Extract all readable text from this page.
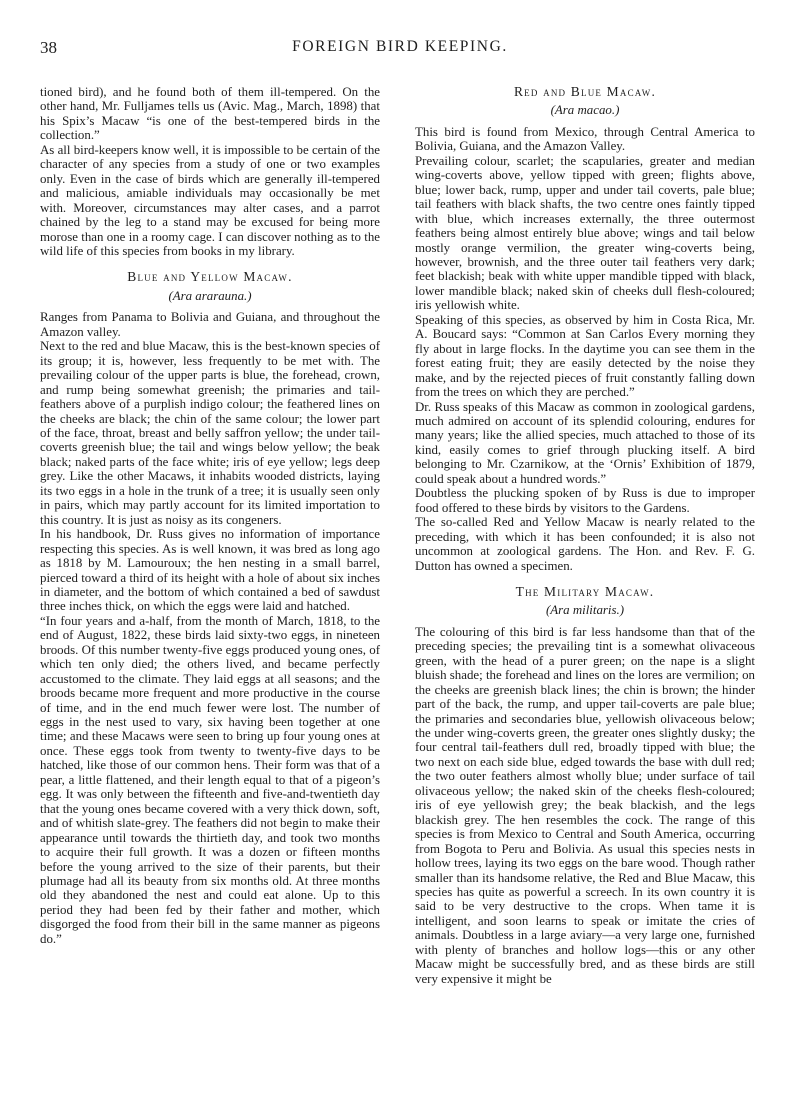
38	FOREIGN BIRD KEEPING.

tioned bird), and he found both of them ill-tempered. On the other hand, Mr. Fulljames tells us (Avic. Mag., March, 1898) that his Spix’s Macaw “is one of the best-tempered birds in the collection.”

As all bird-keepers know well, it is impossible to be certain of the character of any species from a study of one or two examples only. Even in the case of birds which are generally ill-tempered and malicious, amiable individuals may occasionally be met with. Moreover, circumstances may alter cases, and a parrot chained by the leg to a stand may be excused for being more morose than one in a roomy cage. I can discover nothing as to the wild life of this species from books in my library.

Blue and Yellow Macaw.
(Ara ararauna.)

Ranges from Panama to Bolivia and Guiana, and throughout the Amazon valley.

Next to the red and blue Macaw, this is the best-known species of its group; it is, however, less frequently to be met with. The prevailing colour of the upper parts is blue, the forehead, crown, and rump being somewhat greenish; the primaries and tail-feathers above of a purplish indigo colour; the feathered lines on the cheeks are black; the chin of the same colour; the lower part of the face, throat, breast and belly saffron yellow; the under tail-coverts greenish blue; the tail and wings below yellow; the beak black; naked parts of the face white; iris of eye yellow; legs deep grey. Like the other Macaws, it inhabits wooded districts, laying its two eggs in a hole in the trunk of a tree; it is usually seen only in pairs, which may partly account for its limited importation to this country. It is just as noisy as its congeners.

In his handbook, Dr. Russ gives no information of importance respecting this species. As is well known, it was bred as long ago as 1818 by M. Lamouroux; the hen nesting in a small barrel, pierced toward a third of its height with a hole of about six inches in diameter, and the bottom of which contained a bed of sawdust three inches thick, on which the eggs were laid and hatched.

“In four years and a-half, from the month of March, 1818, to the end of August, 1822, these birds laid sixty-two eggs, in nineteen broods. Of this number twenty-five eggs produced young ones, of which ten only died; the others lived, and became perfectly accustomed to the climate. They laid eggs at all seasons; and the broods became more frequent and more productive in the course of time, and in the end much fewer were lost. The number of eggs in the nest used to vary, six having been together at one time; and these Macaws were seen to bring up four young ones at once. These eggs took from twenty to twenty-five days to be hatched, like those of our common hens. Their form was that of a pear, a little flattened, and their length equal to that of a pigeon’s egg. It was only between the fifteenth and five-and-twentieth day that the young ones became covered with a very thick down, soft, and of whitish slate-grey. The feathers did not begin to make their appearance until towards the thirtieth day, and took two months to acquire their full growth. It was a dozen or fifteen months before the young arrived to the size of their parents, but their plumage had all its beauty from six months old. At three months old they abandoned the nest and could eat alone. Up to this period they had been fed by their father and mother, which disgorged the food from their bill in the same manner as pigeons do.”

Red and Blue Macaw.
(Ara macao.)

This bird is found from Mexico, through Central America to Bolivia, Guiana, and the Amazon Valley.

Prevailing colour, scarlet; the scapularies, greater and median wing-coverts above, yellow tipped with green; flights above, blue; lower back, rump, upper and under tail coverts, pale blue; tail feathers with black shafts, the two centre ones faintly tipped with blue, which increases externally, the three outermost feathers being almost entirely blue above; wings and tail below mostly orange vermilion, the greater wing-coverts being, however, brownish, and the three outer tail feathers very dark; feet blackish; beak with white upper mandible tipped with black, lower mandible black; naked skin of cheeks dull flesh-coloured; iris yellowish white.

Speaking of this species, as observed by him in Costa Rica, Mr. A. Boucard says: “Common at San Carlos Every morning they fly about in large flocks. In the daytime you can see them in the forest eating fruit; they are easily detected by the noise they make, and by the rejected pieces of fruit constantly falling down from the trees on which they are perched.”

Dr. Russ speaks of this Macaw as common in zoological gardens, much admired on account of its splendid colouring, endures for many years; like the allied species, much attached to those of its kind, easily comes to grief through plucking itself. A bird belonging to Mr. Czarnikow, at the ‘Ornis’ Exhibition of 1879, could speak about a hundred words.”

Doubtless the plucking spoken of by Russ is due to improper food offered to these birds by visitors to the Gardens.

The so-called Red and Yellow Macaw is nearly related to the preceding, with which it has been confounded; it is also not uncommon at zoological gardens. The Hon. and Rev. F. G. Dutton has owned a specimen.

The Military Macaw.
(Ara militaris.)

The colouring of this bird is far less handsome than that of the preceding species; the prevailing tint is a somewhat olivaceous green, with the head of a purer green; on the nape is a slight bluish shade; the forehead and lines on the lores are vermilion; on the cheeks are greenish black lines; the chin is brown; the hinder part of the back, the rump, and upper tail-coverts are pale blue; the primaries and secondaries blue, yellowish olivaceous below; the under wing-coverts green, the greater ones slightly dusky; the four central tail-feathers dull red, broadly tipped with blue; the two next on each side blue, edged towards the base with dull red; the two outer feathers almost wholly blue; under surface of tail olivaceous yellow; the naked skin of the cheeks flesh-coloured; iris of eye yellowish grey; the beak blackish, and the legs blackish grey. The hen resembles the cock. The range of this species is from Mexico to Central and South America, occurring from Bogota to Peru and Bolivia. As usual this species nests in hollow trees, laying its two eggs on the bare wood. Though rather smaller than its handsome relative, the Red and Blue Macaw, this species has quite as powerful a screech. In its own country it is said to be very destructive to the crops. When tame it is intelligent, and soon learns to speak or imitate the cries of animals. Doubtless in a large aviary—a very large one, furnished with plenty of branches and hollow logs—this or any other Macaw might be successfully bred, and as these birds are still very expensive it might be
